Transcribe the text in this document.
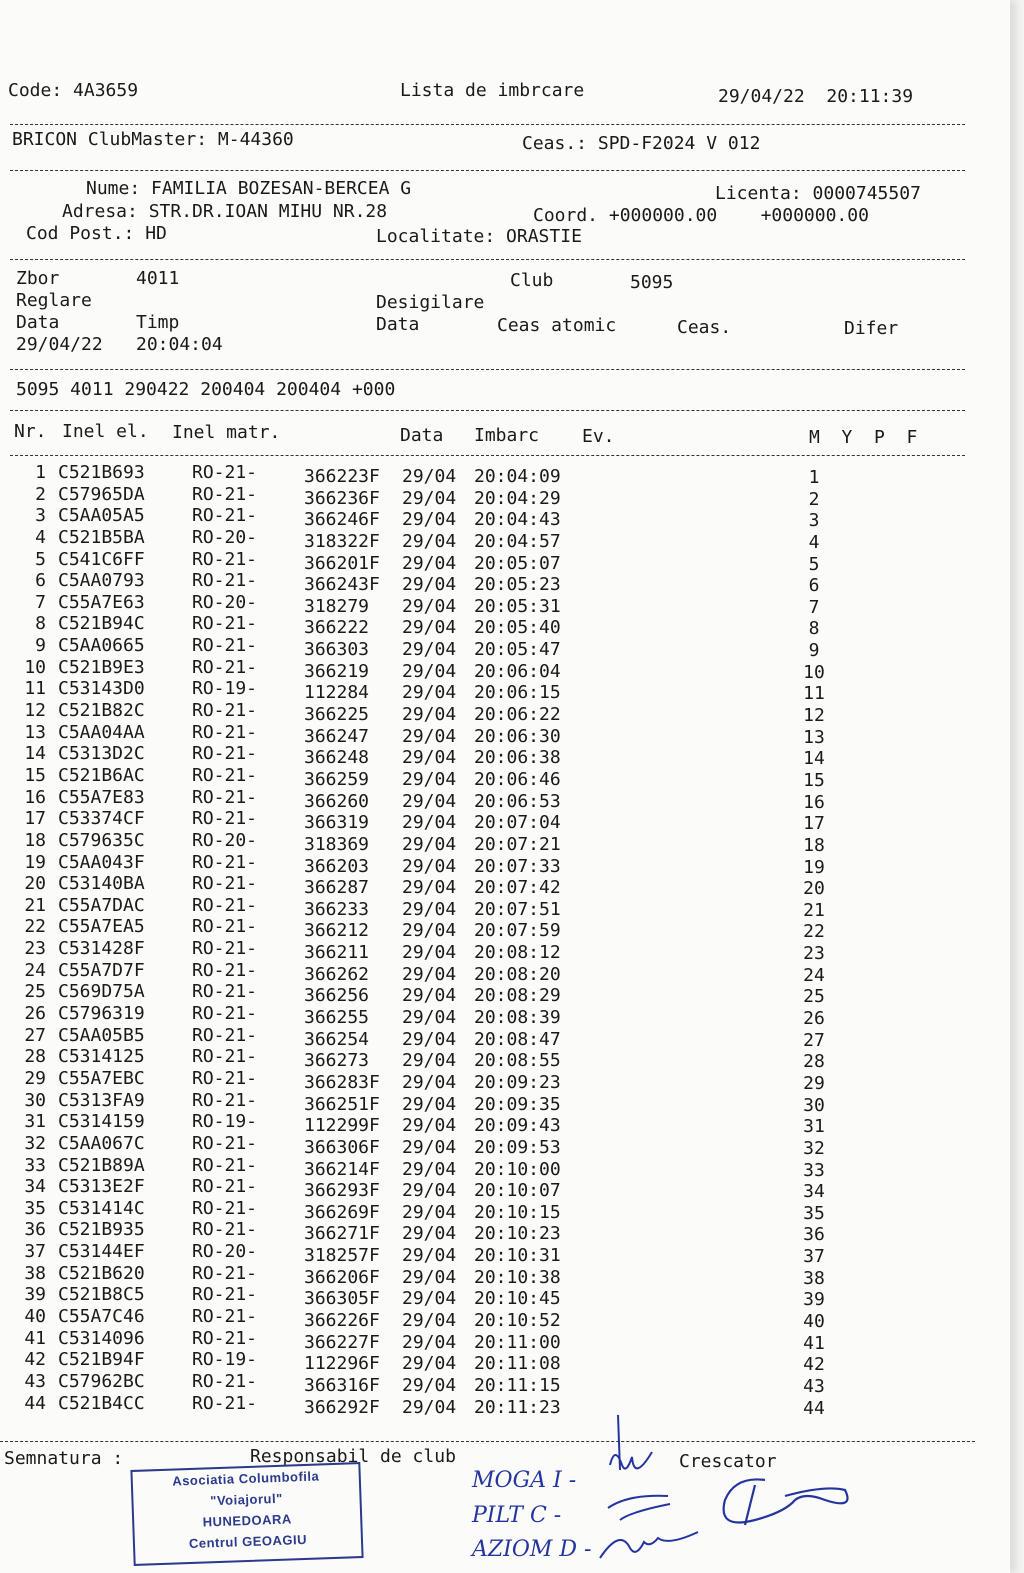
Code: 4A3659	Lista de imbrcare	29/04/22  20:11:39
BRICON ClubMaster: M-44360	Ceas.: SPD-F2024 V 012
Nume: FAMILIA BOZESAN-BERCEA G	Licenta: 0000745507
Adresa: STR.DR.IOAN MIHU NR.28	Coord. +000000.00    +000000.00
Cod Post.: HD	Localitate: ORASTIE
Zbor	4011	Club	5095
Reglare	Desigilare
Data	Timp	Data	Ceas atomic	Ceas.	Difer
29/04/22 20:04:04
5095 4011 290422 200404 200404 +000
Nr. Inel el. Inel matr.	Data Imbarc Ev.	M  Y  P  F
1 C521B693	RO-21-	366223F 29/04 20:04:09	1
2 C57965DA	RO-21-	366236F 29/04 20:04:29	2
3 C5AA05A5	RO-21-	366246F 29/04 20:04:43	3
4 C521B5BA	RO-20-	318322F 29/04 20:04:57	4
5 C541C6FF	RO-21-	366201F 29/04 20:05:07	5
6 C5AA0793	RO-21-	366243F 29/04 20:05:23	6
7 C55A7E63	RO-20-	318279 29/04 20:05:31	7
8 C521B94C	RO-21-	366222 29/04 20:05:40	8
9 C5AA0665	RO-21-	366303 29/04 20:05:47	9
10 C521B9E3	RO-21-	366219 29/04 20:06:04	10
11 C53143D0	RO-19-	112284 29/04 20:06:15	11
12 C521B82C	RO-21-	366225 29/04 20:06:22	12
13 C5AA04AA	RO-21-	366247 29/04 20:06:30	13
14 C5313D2C	RO-21-	366248 29/04 20:06:38	14
15 C521B6AC	RO-21-	366259 29/04 20:06:46	15
16 C55A7E83	RO-21-	366260 29/04 20:06:53	16
17 C53374CF	RO-21-	366319 29/04 20:07:04	17
18 C579635C	RO-20-	318369 29/04 20:07:21	18
19 C5AA043F	RO-21-	366203 29/04 20:07:33	19
20 C53140BA	RO-21-	366287 29/04 20:07:42	20
21 C55A7DAC	RO-21-	366233 29/04 20:07:51	21
22 C55A7EA5	RO-21-	366212 29/04 20:07:59	22
23 C531428F	RO-21-	366211 29/04 20:08:12	23
24 C55A7D7F	RO-21-	366262 29/04 20:08:20	24
25 C569D75A	RO-21-	366256 29/04 20:08:29	25
26 C5796319	RO-21-	366255 29/04 20:08:39	26
27 C5AA05B5	RO-21-	366254 29/04 20:08:47	27
28 C5314125	RO-21-	366273 29/04 20:08:55	28
29 C55A7EBC	RO-21-	366283F 29/04 20:09:23	29
30 C5313FA9	RO-21-	366251F 29/04 20:09:35	30
31 C5314159	RO-19-	112299F 29/04 20:09:43	31
32 C5AA067C	RO-21-	366306F 29/04 20:09:53	32
33 C521B89A	RO-21-	366214F 29/04 20:10:00	33
34 C5313E2F	RO-21-	366293F 29/04 20:10:07	34
35 C531414C	RO-21-	366269F 29/04 20:10:15	35
36 C521B935	RO-21-	366271F 29/04 20:10:23	36
37 C53144EF	RO-20-	318257F 29/04 20:10:31	37
38 C521B620	RO-21-	366206F 29/04 20:10:38	38
39 C521B8C5	RO-21-	366305F 29/04 20:10:45	39
40 C55A7C46	RO-21-	366226F 29/04 20:10:52	40
41 C5314096	RO-21-	366227F 29/04 20:11:00	41
42 C521B94F	RO-19-	112296F 29/04 20:11:08	42
43 C57962BC	RO-21-	366316F 29/04 20:11:15	43
44 C521B4CC	RO-21-	366292F 29/04 20:11:23	44
Semnatura :	Responsabil de club	Crescator
Asociatia Columbofila
"Voiajorul"
HUNEDOARA
Centrul GEOAGIU
MOGA I -
PILT C -
AZIOM D -
